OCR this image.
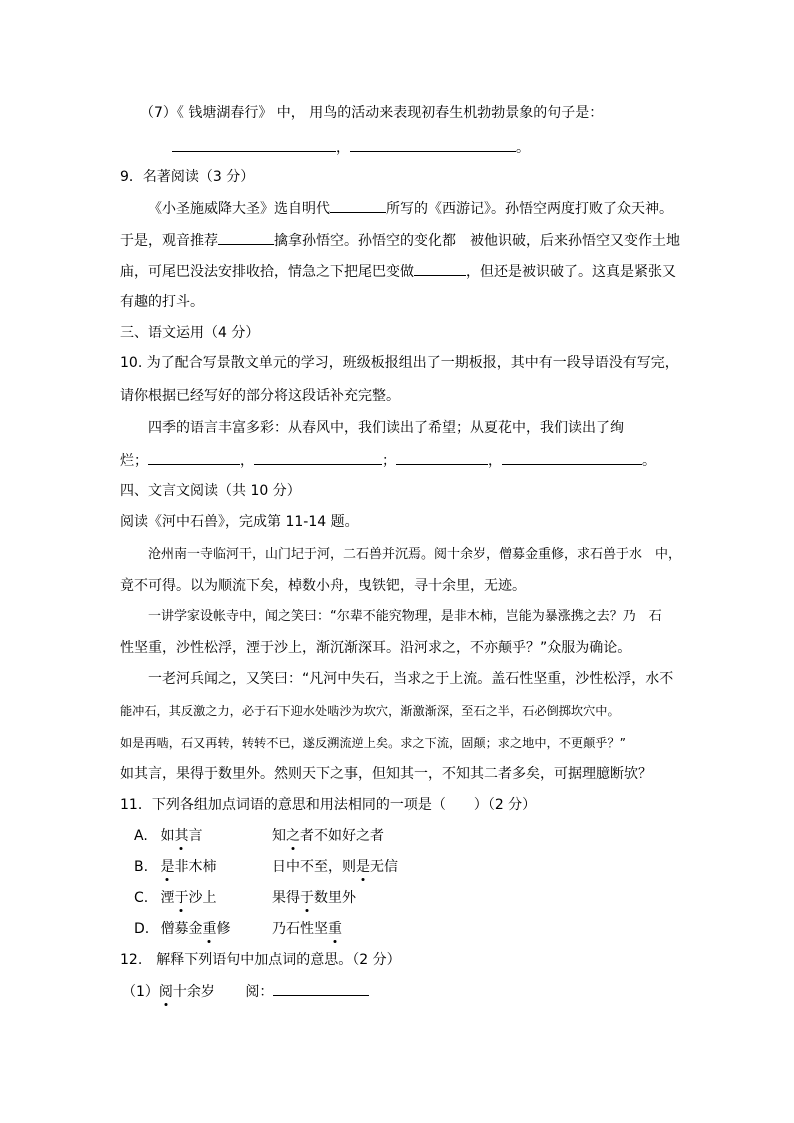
（7）《 钱塘湖春行》 中， 用鸟的活动来表现初春生机勃勃景象的句子是：
，	。
9．名著阅读（3 分）
《小圣施威降大圣》选自明代	所写的《西游记》。孙悟空两度打败了众天神。
于是，观音推荐	擒拿孙悟空。孙悟空的变化都　被他识破，后来孙悟空又变作土地
庙，可尾巴没法安排收拾，情急之下把尾巴变做	，但还是被识破了。这真是紧张又
有趣的打斗。
三、语文运用（4 分）
10. 为了配合写景散文单元的学习，班级板报组出了一期板报，其中有一段导语没有写完，
请你根据已经写好的部分将这段话补充完整。
四季的语言丰富多彩：从春风中，我们读出了希望；从夏花中，我们读出了绚
烂；	，	；	，	。
四、文言文阅读（共 10 分）
阅读《河中石兽》，完成第 11-14 题。
沧州南一寺临河干，山门圮于河，二石兽并沉焉。阅十余岁，僧募金重修，求石兽于水　中，
竟不可得。以为顺流下矣，棹数小舟，曳铁钯，寻十余里，无迹。
一讲学家设帐寺中，闻之笑曰：“尔辈不能究物理，是非木柿，岂能为暴涨携之去？乃　石
性坚重，沙性松浮，湮于沙上，渐沉渐深耳。沿河求之，不亦颠乎？”众服为确论。
一老河兵闻之，又笑曰：“凡河中失石，当求之于上流。盖石性坚重，沙性松浮，水不
能冲石，其反激之力，必于石下迎水处啮沙为坎穴，渐激渐深，至石之半，石必倒掷坎穴中。
如是再啮，石又再转，转转不已，遂反溯流逆上矣。求之下流，固颠；求之地中，不更颠乎？”
如其言，果得于数里外。然则天下之事，但知其一，不知其二者多矣，可据理臆断欤？
11．下列各组加点词语的意思和用法相同的一项是（　　）（2 分）
A. 如其言	知之者不如好之者
B. 是非木柿	日中不至，则是无信
C. 湮于沙上	果得于数里外
D. 僧募金重修	乃石性坚重
12.　解释下列语句中加点词的意思。（2 分）
（1）阅十余岁 阅：
